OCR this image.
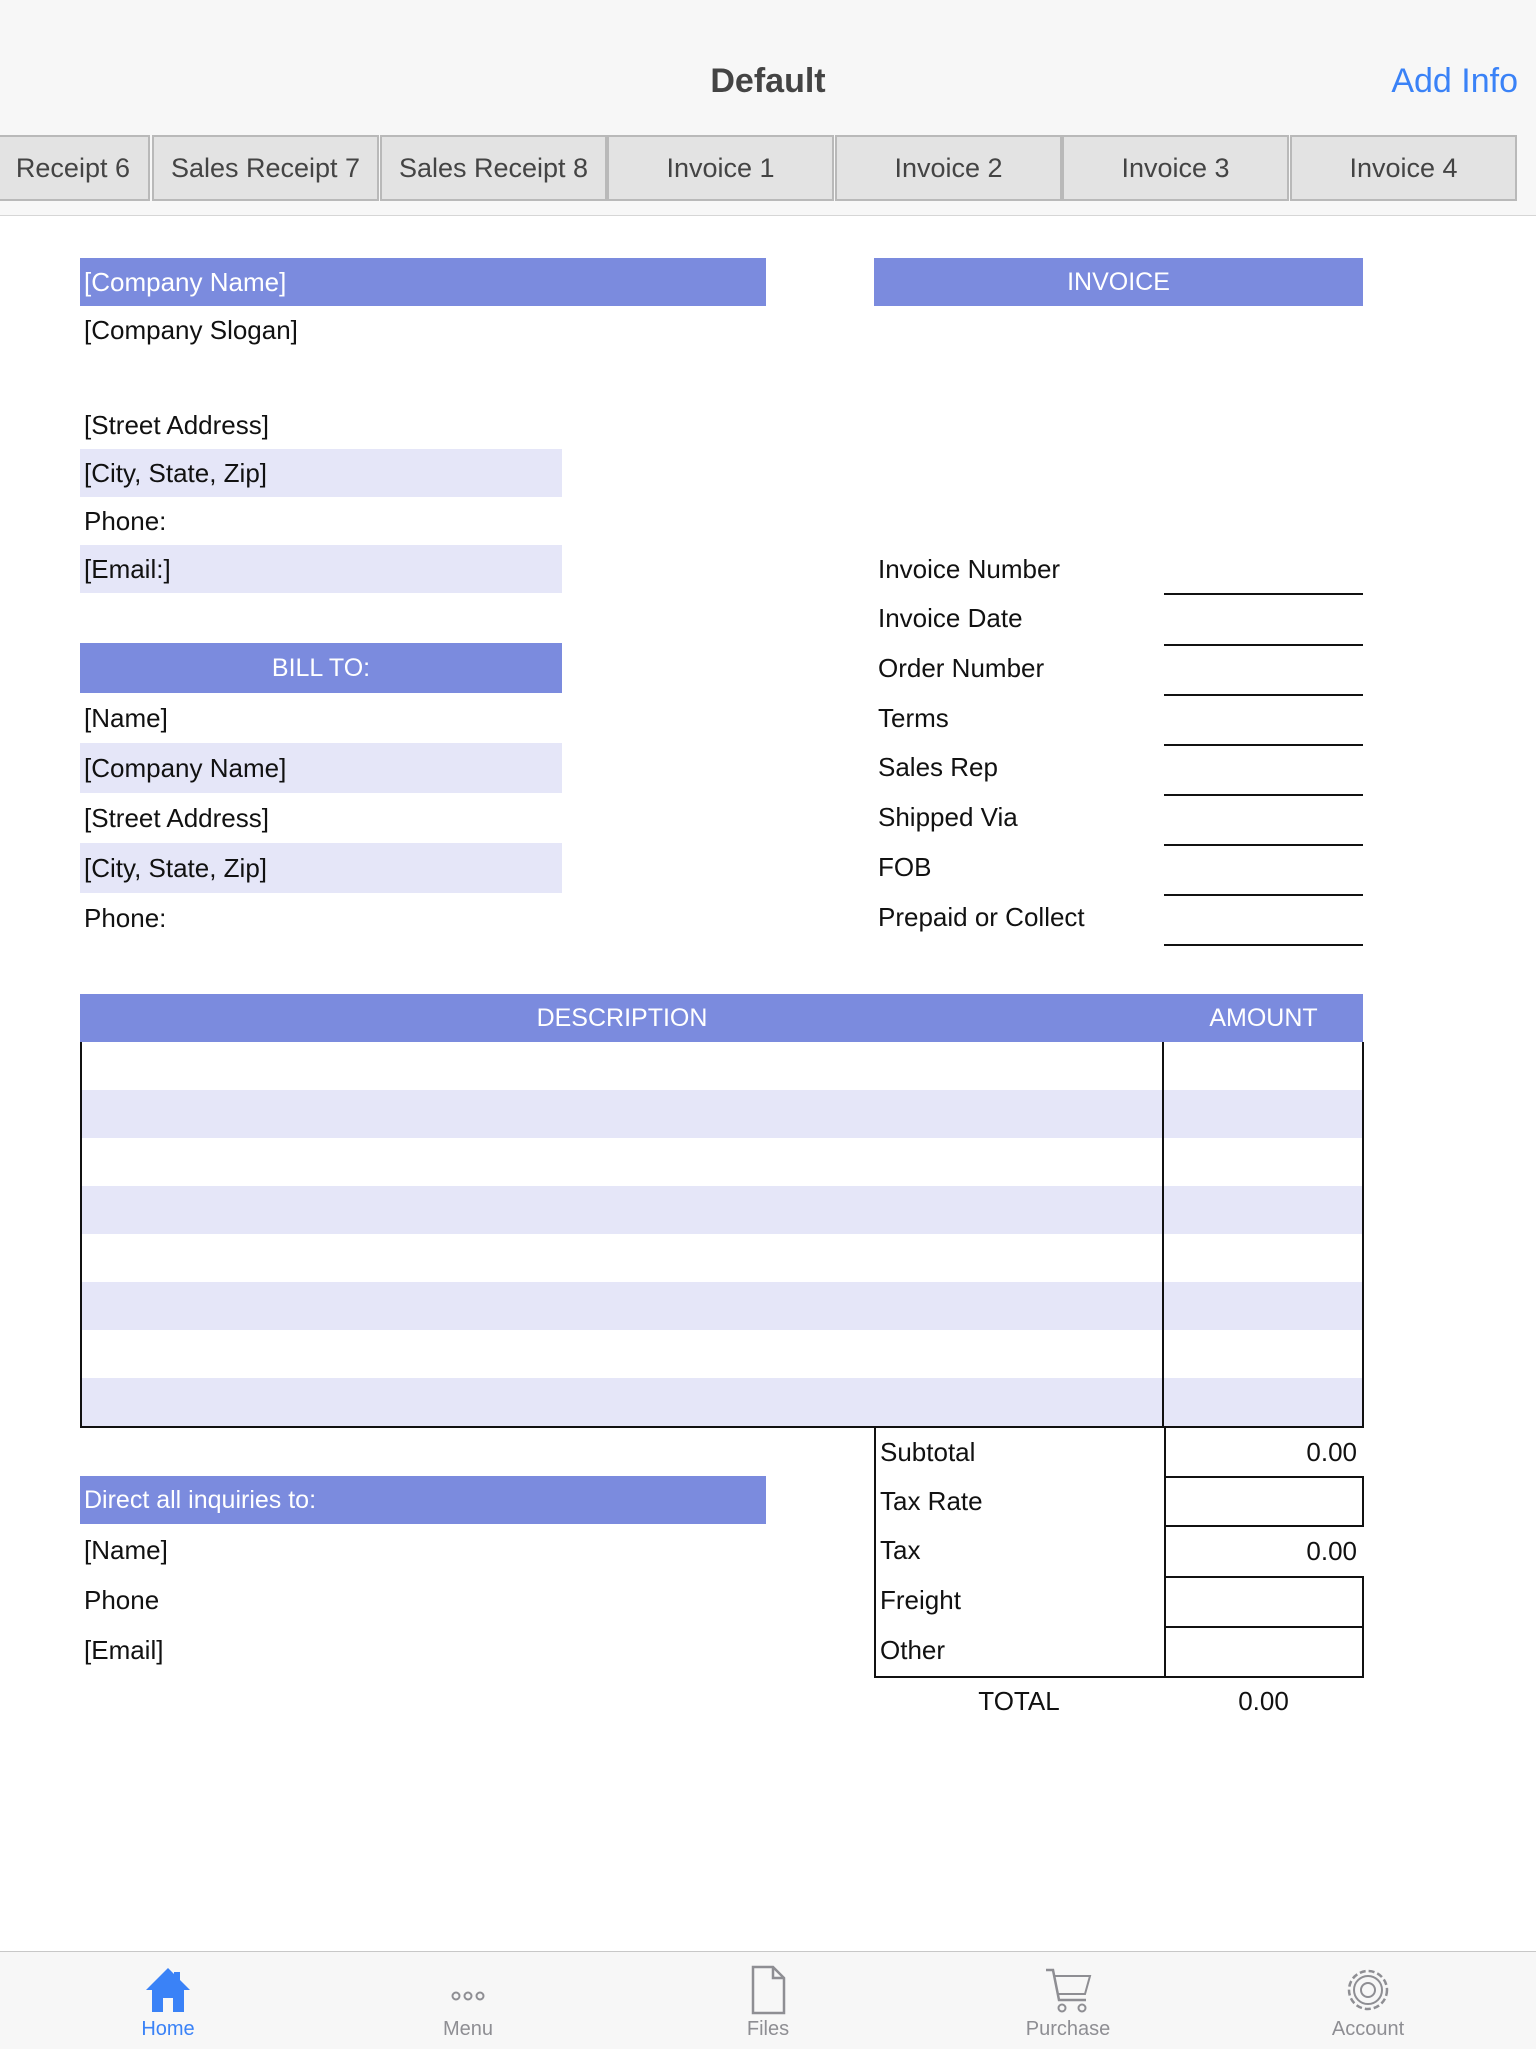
Default	Add Info
Receipt 6	Sales Receipt 7	Sales Receipt 8	Invoice 1	Invoice 2	Invoice 3	Invoice 4
[Company Name]
[Company Slogan]
[Street Address]
[City, State, Zip]
Phone:
[Email:]
INVOICE
Invoice Number
Invoice Date
Order Number
Terms
Sales Rep
Shipped Via
FOB
Prepaid or Collect
BILL TO:
[Name]
[Company Name]
[Street Address]
[City, State, Zip]
Phone:
DESCRIPTION	AMOUNT
Subtotal	0.00
Tax Rate
Tax	0.00
Freight
Other
TOTAL	0.00
Direct all inquiries to:
[Name]
Phone
[Email]
Home	Menu	Files	Purchase	Account
